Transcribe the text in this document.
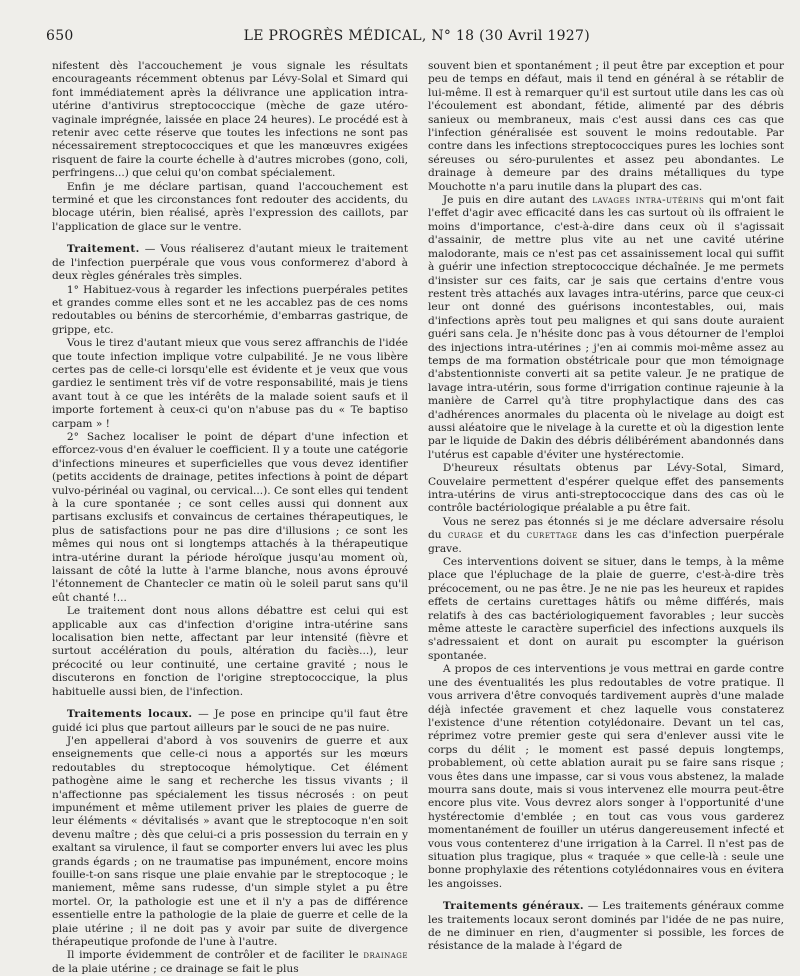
650	LE PROGRÈS MÉDICAL, N° 18 (30 Avril 1927)

nifestent dès l'accouchement je vous signale les résultats encourageants récemment obtenus par Lévy-Solal et Simard qui font immédiatement après la délivrance une application intra-utérine d'antivirus streptococcique (mèche de gaze utéro-vaginale imprégnée, laissée en place 24 heures). Le procédé est à retenir avec cette réserve que toutes les infections ne sont pas nécessairement streptococciques et que les manœuvres exigées risquent de faire la courte échelle à d'autres microbes (gono, coli, perfringens...) que celui qu'on combat spécialement.

Enfin je me déclare partisan, quand l'accouchement est terminé et que les circonstances font redouter des accidents, du blocage utérin, bien réalisé, après l'expression des caillots, par l'application de glace sur le ventre.

Traitement. — Vous réaliserez d'autant mieux le traitement de l'infection puerpérale que vous vous conformerez d'abord à deux règles générales très simples.

1° Habituez-vous à regarder les infections puerpérales petites et grandes comme elles sont et ne les accablez pas de ces noms redoutables ou bénins de stercorhémie, d'embarras gastrique, de grippe, etc.

Vous le tirez d'autant mieux que vous serez affranchis de l'idée que toute infection implique votre culpabilité. Je ne vous libère certes pas de celle-ci lorsqu'elle est évidente et je veux que vous gardiez le sentiment très vif de votre responsabilité, mais je tiens avant tout à ce que les intérêts de la malade soient saufs et il importe fortement à ceux-ci qu'on n'abuse pas du « Te baptiso carpam » !

2° Sachez localiser le point de départ d'une infection et efforcez-vous d'en évaluer le coefficient. Il y a toute une catégorie d'infections mineures et superficielles que vous devez identifier (petits accidents de drainage, petites infections à point de départ vulvo-périnéal ou vaginal, ou cervical...). Ce sont elles qui tendent à la cure spontanée ; ce sont celles aussi qui donnent aux partisans exclusifs et convaincus de certaines thérapeutiques, le plus de satisfactions pour ne pas dire d'illusions ; ce sont les mêmes qui nous ont si longtemps attachés à la thérapeutique intra-utérine durant la période héroïque jusqu'au moment où, laissant de côté la lutte à l'arme blanche, nous avons éprouvé l'étonnement de Chantecler ce matin où le soleil parut sans qu'il eût chanté !...

Le traitement dont nous allons débattre est celui qui est applicable aux cas d'infection d'origine intra-utérine sans localisation bien nette, affectant par leur intensité (fièvre et surtout accélération du pouls, altération du faciès...), leur précocité ou leur continuité, une certaine gravité ; nous le discuterons en fonction de l'origine streptococcique, la plus habituelle aussi bien, de l'infection.

Traitements locaux. — Je pose en principe qu'il faut être guidé ici plus que partout ailleurs par le souci de ne pas nuire.

J'en appellerai d'abord à vos souvenirs de guerre et aux enseignements que celle-ci nous a apportés sur les mœurs redoutables du streptocoque hémolytique. Cet élément pathogène aime le sang et recherche les tissus vivants ; il n'affectionne pas spécialement les tissus nécrosés : on peut impunément et même utilement priver les plaies de guerre de leur éléments « dévitalisés » avant que le streptocoque n'en soit devenu maître ; dès que celui-ci a pris possession du terrain en y exaltant sa virulence, il faut se comporter envers lui avec les plus grands égards ; on ne traumatise pas impunément, encore moins fouille-t-on sans risque une plaie envahie par le streptocoque ; le maniement, même sans rudesse, d'un simple stylet a pu être mortel. Or, la pathologie est une et il n'y a pas de différence essentielle entre la pathologie de la plaie de guerre et celle de la plaie utérine ; il ne doit pas y avoir par suite de divergence thérapeutique profonde de l'une à l'autre.

Il importe évidemment de contrôler et de faciliter le drainage de la plaie utérine ; ce drainage se fait le plus

souvent bien et spontanément ; il peut être par exception et pour peu de temps en défaut, mais il tend en général à se rétablir de lui-même. Il est à remarquer qu'il est surtout utile dans les cas où l'écoulement est abondant, fétide, alimenté par des débris sanieux ou membraneux, mais c'est aussi dans ces cas que l'infection généralisée est souvent le moins redoutable. Par contre dans les infections streptococciques pures les lochies sont séreuses ou séro-purulentes et assez peu abondantes. Le drainage à demeure par des drains métalliques du type Mouchotte n'a paru inutile dans la plupart des cas.

Je puis en dire autant des lavages intra-utérins qui m'ont fait l'effet d'agir avec efficacité dans les cas surtout où ils offraient le moins d'importance, c'est-à-dire dans ceux où il s'agissait d'assainir, de mettre plus vite au net une cavité utérine malodorante, mais ce n'est pas cet assainissement local qui suffit à guérir une infection streptococcique déchaînée. Je me permets d'insister sur ces faits, car je sais que certains d'entre vous restent très attachés aux lavages intra-utérins, parce que ceux-ci leur ont donné des guérisons incontestables, oui, mais d'infections après tout peu malignes et qui sans doute auraient guéri sans cela. Je n'hésite donc pas à vous détourner de l'emploi des injections intra-utérines ; j'en ai commis moi-même assez au temps de ma formation obstétricale pour que mon témoignage d'abstentionniste converti ait sa petite valeur. Je ne pratique de lavage intra-utérin, sous forme d'irrigation continue rajeunie à la manière de Carrel qu'à titre prophylactique dans des cas d'adhérences anormales du placenta où le nivelage au doigt est aussi aléatoire que le nivelage à la curette et où la digestion lente par le liquide de Dakin des débris délibérément abandonnés dans l'utérus est capable d'éviter une hystérectomie.

D'heureux résultats obtenus par Lévy-Sotal, Simard, Couvelaire permettent d'espérer quelque effet des pansements intra-utérins de virus anti-streptococcique dans des cas où le contrôle bactériologique préalable a pu être fait.

Vous ne serez pas étonnés si je me déclare adversaire résolu du curage et du curettage dans les cas d'infection puerpérale grave.

Ces interventions doivent se situer, dans le temps, à la même place que l'épluchage de la plaie de guerre, c'est-à-dire très précocement, ou ne pas être. Je ne nie pas les heureux et rapides effets de certains curettages hâtifs ou même différés, mais relatifs à des cas bactériologiquement favorables ; leur succès même atteste le caractère superficiel des infections auxquels ils s'adressaient et dont on aurait pu escompter la guérison spontanée.

A propos de ces interventions je vous mettrai en garde contre une des éventualités les plus redoutables de votre pratique. Il vous arrivera d'être convoqués tardivement auprès d'une malade déjà infectée gravement et chez laquelle vous constaterez l'existence d'une rétention cotylédonaire. Devant un tel cas, réprimez votre premier geste qui sera d'enlever aussi vite le corps du délit ; le moment est passé depuis longtemps, probablement, où cette ablation aurait pu se faire sans risque ; vous êtes dans une impasse, car si vous vous abstenez, la malade mourra sans doute, mais si vous intervenez elle mourra peut-être encore plus vite. Vous devrez alors songer à l'opportunité d'une hystérectomie d'emblée ; en tout cas vous vous garderez momentanément de fouiller un utérus dangereusement infecté et vous vous contenterez d'une irrigation à la Carrel. Il n'est pas de situation plus tragique, plus « traquée » que celle-là : seule une bonne prophylaxie des rétentions cotylédonnaires vous en évitera les angoisses.

Traitements généraux. — Les traitements généraux comme les traitements locaux seront dominés par l'idée de ne pas nuire, de ne diminuer en rien, d'augmenter si possible, les forces de résistance de la malade à l'égard de
